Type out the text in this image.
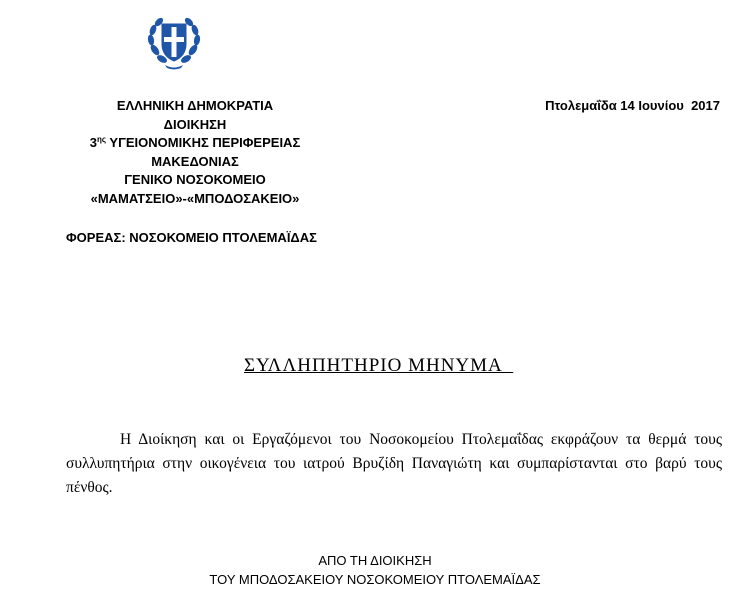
ΕΛΛΗΝΙΚΗ ΔΗΜΟΚΡΑΤΙΑ
ΔΙΟΙΚΗΣΗ
$3^{\eta\varsigma}$ ΥΓΕΙΟΝΟΜΙΚΗΣ ΠΕΡΙΦΕΡΕΙΑΣ
ΜΑΚΕΔΟΝΙΑΣ
ΓΕΝΙΚΟ ΝΟΣΟΚΟΜΕΙΟ
«ΜΑΜΑΤΣΕΙΟ»-«ΜΠΟΔΟΣΑΚΕΙΟ»
Πτολεμαΐδα 14 Ιουνίου  2017
ΦΟΡΕΑΣ: ΝΟΣΟΚΟΜΕΙΟ ΠΤΟΛΕΜΑΪΔΑΣ
ΣΥΛΛΗΠΗΤΗΡΙΟ ΜΗΝΥΜΑ
Η Διοίκηση και οι Εργαζόμενοι του Νοσοκομείου Πτολεμαΐδας εκφράζουν τα θερμά τους συλλυπητήρια στην οικογένεια του ιατρού Βρυζίδη Παναγιώτη και συμπαρίστανται στο βαρύ τους πένθος.
ΑΠΟ ΤΗ ΔΙΟΙΚΗΣΗ
ΤΟΥ ΜΠΟΔΟΣΑΚΕΙΟΥ ΝΟΣΟΚΟΜΕΙΟΥ ΠΤΟΛΕΜΑΪΔΑΣ
